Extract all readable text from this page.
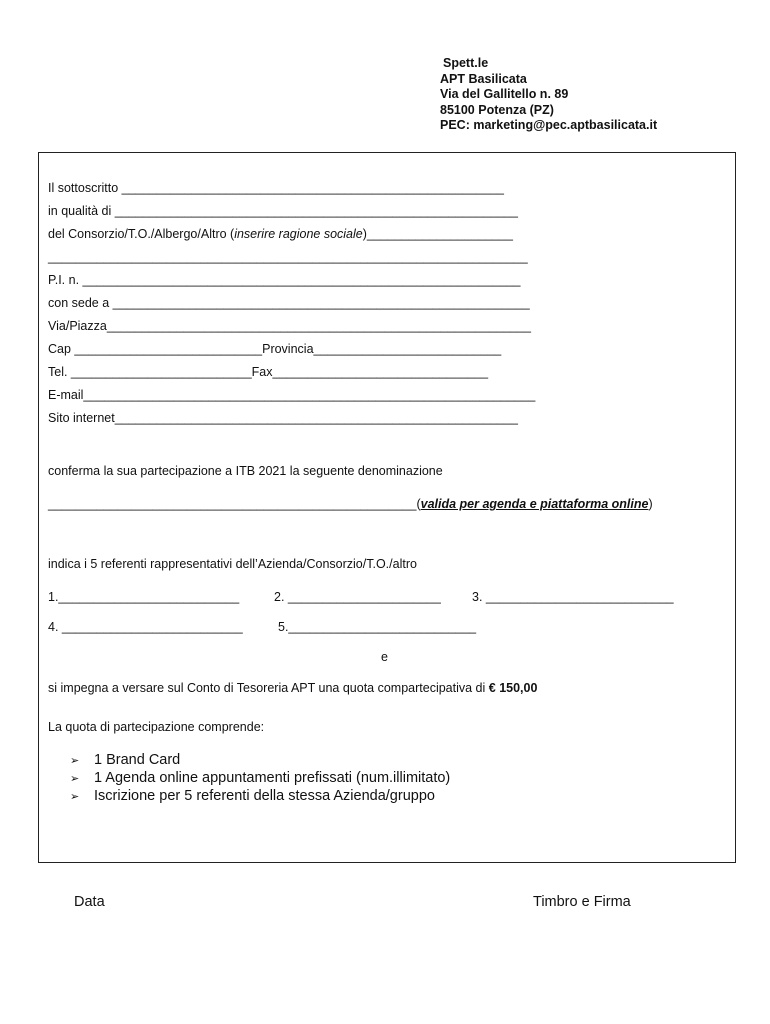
Spett.le
APT Basilicata
Via del Gallitello n. 89
85100 Potenza (PZ)
PEC: marketing@pec.aptbasilicata.it
Il sottoscritto _______________________________________________________
in qualità di __________________________________________________________
del Consorzio/T.O./Albergo/Altro (inserire ragione sociale)_____________________
_____________________________________________________________________
P.I. n. _______________________________________________________________
con sede a ____________________________________________________________
Via/Piazza_____________________________________________________________
Cap ___________________________Provincia___________________________
Tel. __________________________Fax_______________________________
E-mail_________________________________________________________________
Sito internet__________________________________________________________
conferma la sua partecipazione a ITB 2021 la seguente denominazione
_____________________________________________________(valida per agenda e piattaforma online)
indica i 5 referenti rappresentativi dell’Azienda/Consorzio/T.O./altro
1.__________________________	2. ______________________ 3. ___________________________
4. __________________________	5.___________________________
e
si impegna a versare sul Conto di Tesoreria APT una quota compartecipativa di € 150,00
La quota di partecipazione comprende:
➢ 1 Brand Card
➢ 1 Agenda online appuntamenti prefissati (num.illimitato)
➢ Iscrizione per 5 referenti della stessa Azienda/gruppo
Data	Timbro e Firma
